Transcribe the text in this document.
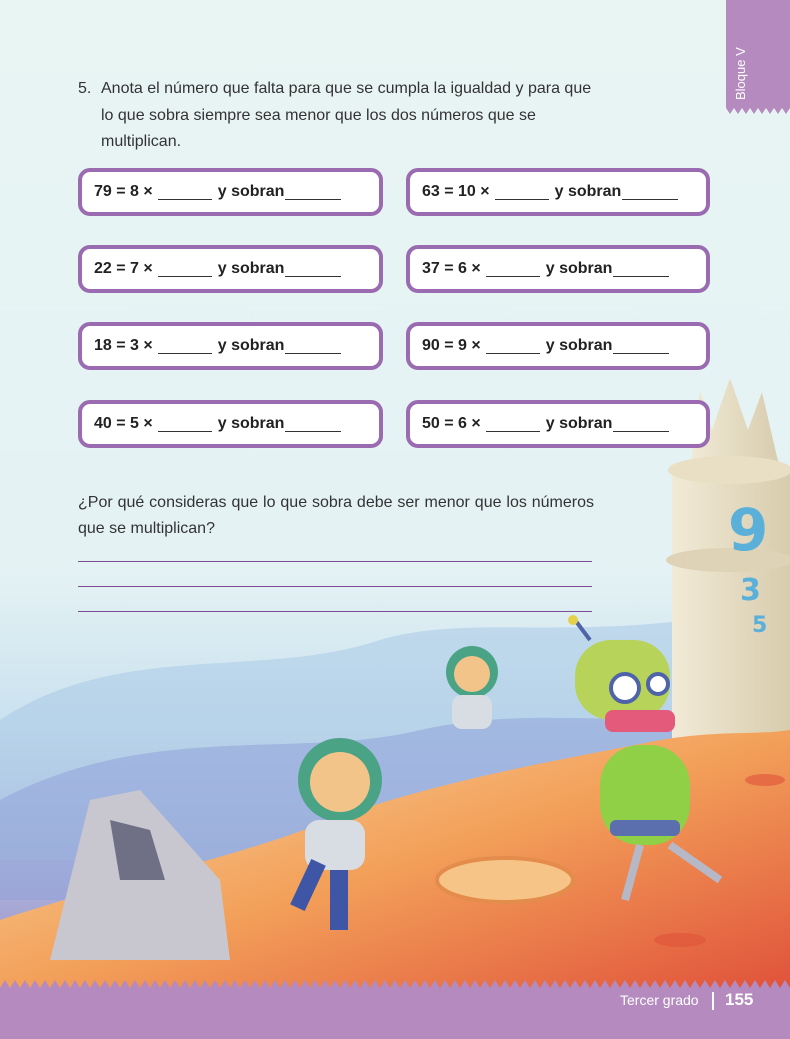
9
3
5
Bloque V
5. Anota el número que falta para que se cumpla la igualdad y para que lo que sobra siempre sea menor que los dos números que se multiplican.
79 = 8 ×	y sobran	63 = 10 ×	y sobran
22 = 7 ×	y sobran	37 = 6 ×	y sobran
18 = 3 ×	y sobran	90 = 9 ×	y sobran
40 = 5 ×	y sobran	50 = 6 ×	y sobran
¿Por qué consideras que lo que sobra debe ser menor que los números que se multiplican?
Tercer grado 155
